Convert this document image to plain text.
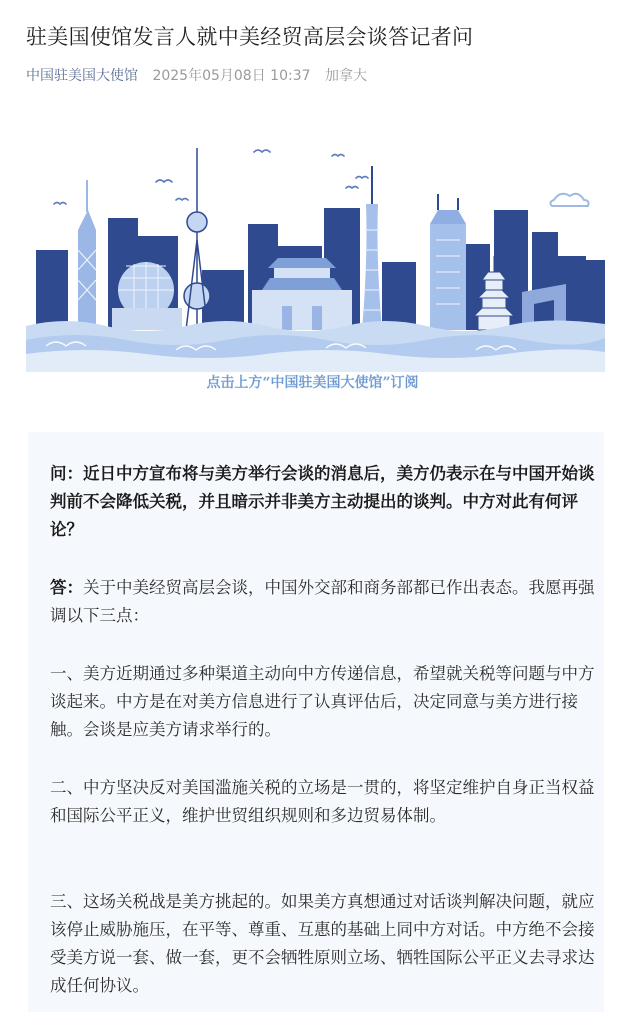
驻美国使馆发言人就中美经贸高层会谈答记者问
中国驻美国大使馆 2025年05月08日 10:37 加拿大
点击上方“中国驻美国大使馆”订阅

问：近日中方宣布将与美方举行会谈的消息后，美方仍表示在与中国开始谈判前不会降低关税，并且暗示并非美方主动提出的谈判。中方对此有何评论？

答：关于中美经贸高层会谈，中国外交部和商务部都已作出表态。我愿再强调以下三点：

一、美方近期通过多种渠道主动向中方传递信息，希望就关税等问题与中方谈起来。中方是在对美方信息进行了认真评估后，决定同意与美方进行接触。会谈是应美方请求举行的。

二、中方坚决反对美国滥施关税的立场是一贯的，将坚定维护自身正当权益和国际公平正义，维护世贸组织规则和多边贸易体制。

三、这场关税战是美方挑起的。如果美方真想通过对话谈判解决问题，就应该停止威胁施压，在平等、尊重、互惠的基础上同中方对话。中方绝不会接受美方说一套、做一套，更不会牺牲原则立场、牺牲国际公平正义去寻求达成任何协议。
